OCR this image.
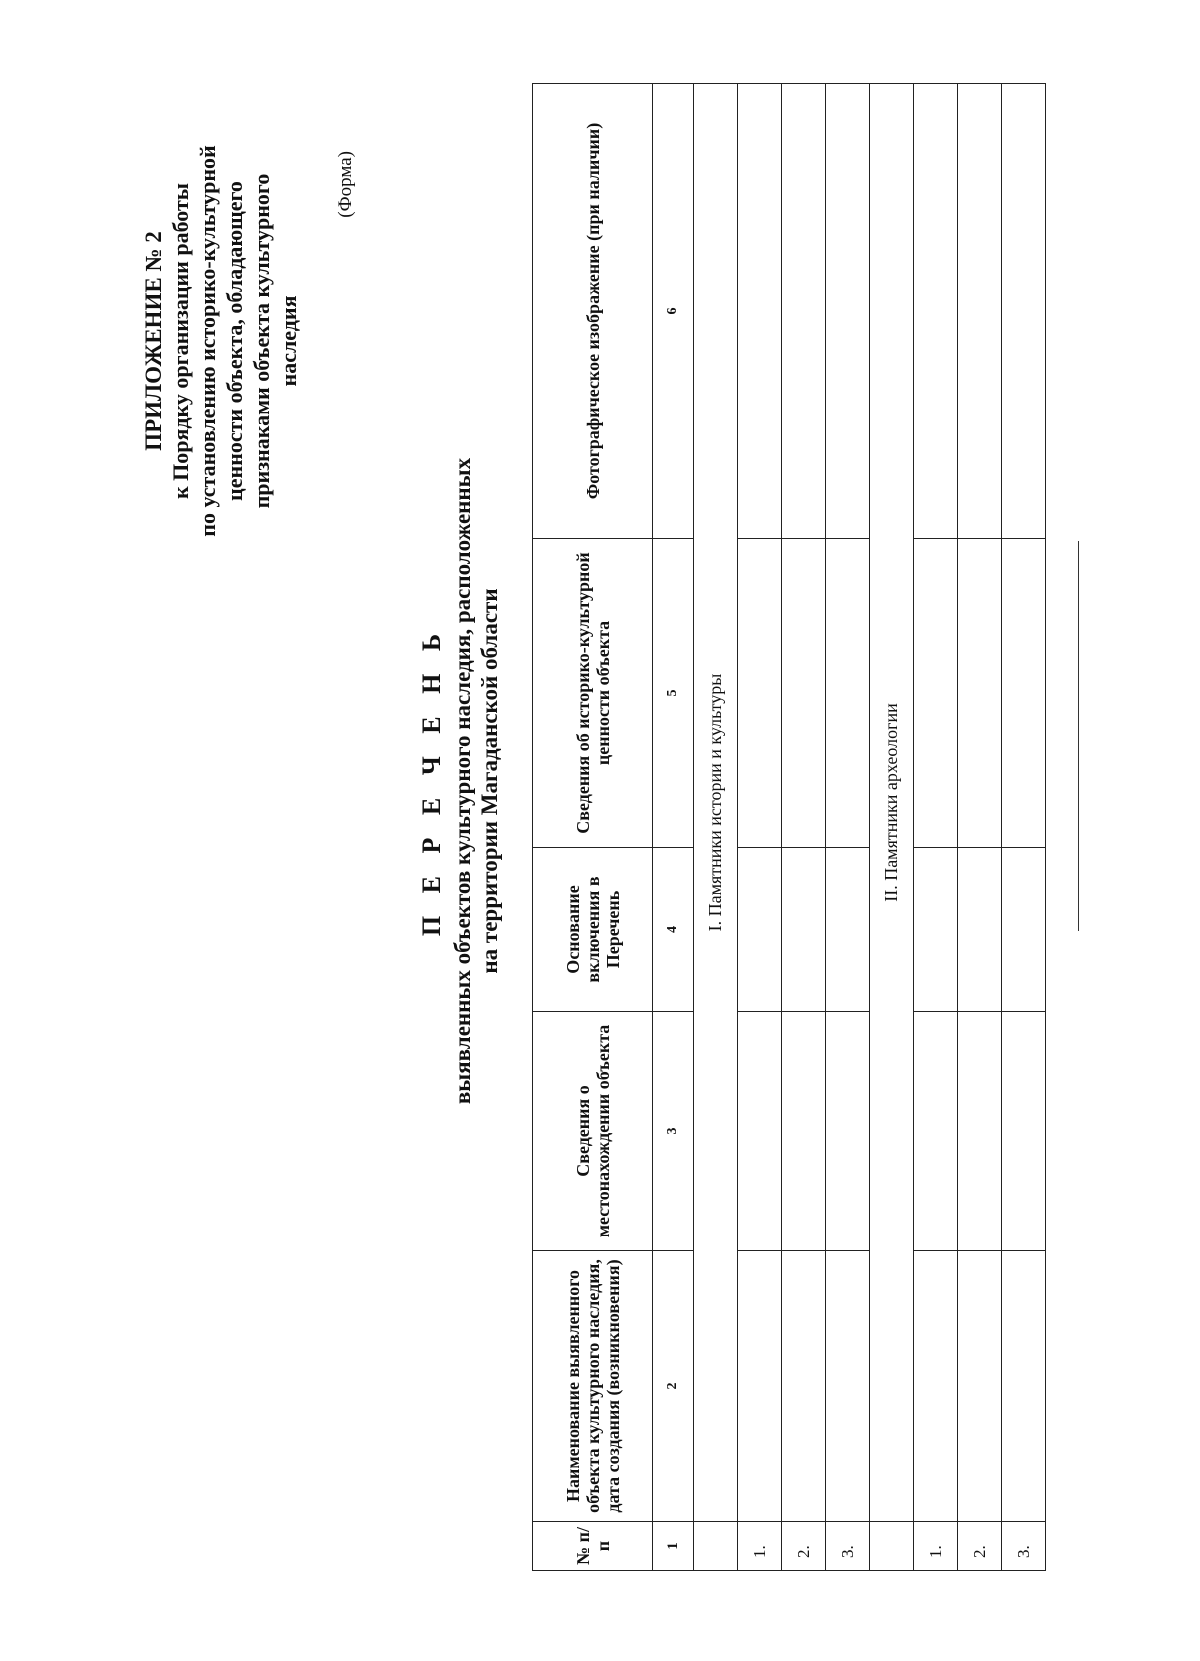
ПРИЛОЖЕНИЕ № 2 к Порядку организации работы по установлению историко-культурной ценности объекта, обладающего признаками объекта культурного наследия
(Форма)
П Е Р Е Ч Е Н Ь выявленных объектов культурного наследия, расположенных на территории Магаданской области
№ п/п	Наименование выявленного объекта культурного наследия, дата создания (возникновения)	Сведения о местонахождении объекта	Основание включения в Перечень	Сведения об историко-культурной ценности объекта	Фотографическое изображение (при наличии)
1	2	3	4	5	6
	I. Памятники истории и культуры				
1.					
2.					
3.					
	II. Памятники археологии				
1.					
2.					
3.					
